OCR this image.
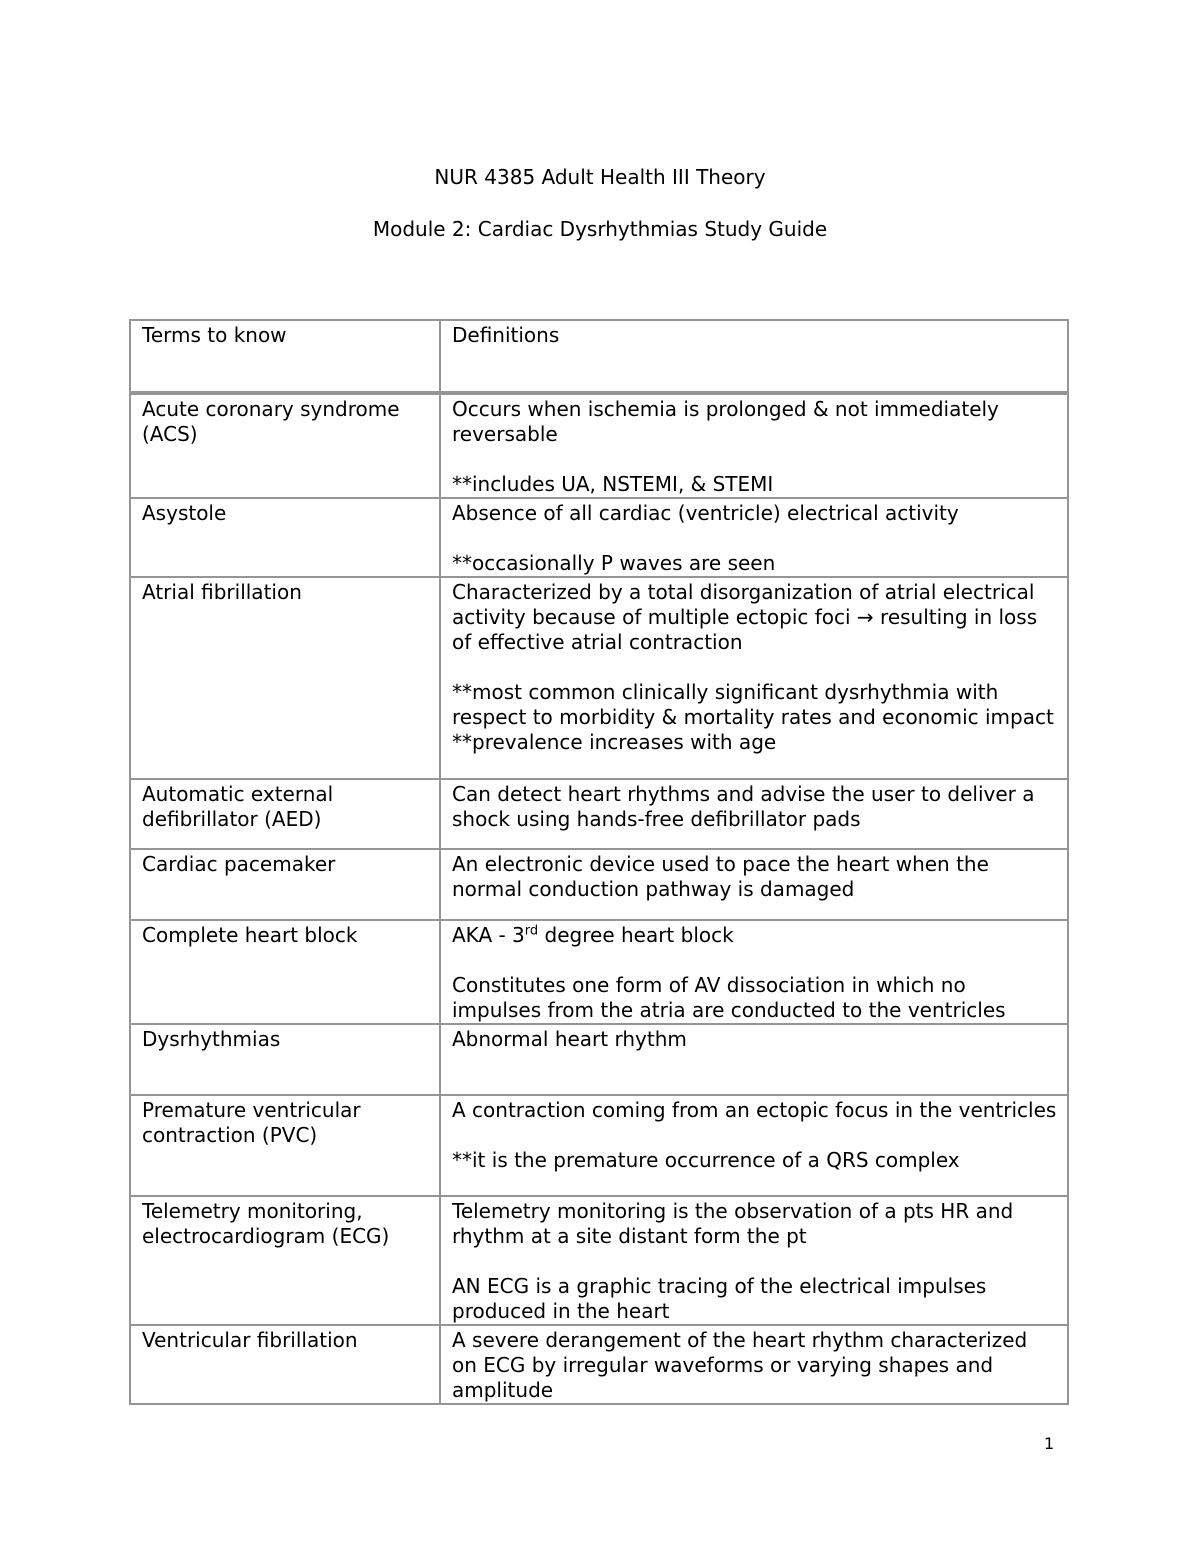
NUR 4385 Adult Health III Theory
Module 2: Cardiac Dysrhythmias Study Guide
Terms to know	Definitions
Acute coronary syndrome (ACS)	Occurs when ischemia is prolonged & not immediately reversable

**includes UA, NSTEMI, & STEMI

Asystole	Absence of all cardiac (ventricle) electrical activity

**occasionally P waves are seen

Atrial fibrillation	Characterized by a total disorganization of atrial electrical activity because of multiple ectopic foci → resulting in loss of effective atrial contraction

**most common clinically significant dysrhythmia with respect to morbidity & mortality rates and economic impact

**prevalence increases with age

Automatic external defibrillator (AED)	Can detect heart rhythms and advise the user to deliver a shock using hands-free defibrillator pads

Cardiac pacemaker	An electronic device used to pace the heart when the normal conduction pathway is damaged

Complete heart block	AKA - 3rd degree heart block

Constitutes one form of AV dissociation in which no impulses from the atria are conducted to the ventricles

Dysrhythmias	Abnormal heart rhythm

Premature ventricular contraction (PVC)	A contraction coming from an ectopic focus in the ventricles

**it is the premature occurrence of a QRS complex

Telemetry monitoring, electrocardiogram (ECG)	Telemetry monitoring is the observation of a pts HR and rhythm at a site distant form the pt

AN ECG is a graphic tracing of the electrical impulses produced in the heart

Ventricular fibrillation	A severe derangement of the heart rhythm characterized on ECG by irregular waveforms or varying shapes and amplitude

1
